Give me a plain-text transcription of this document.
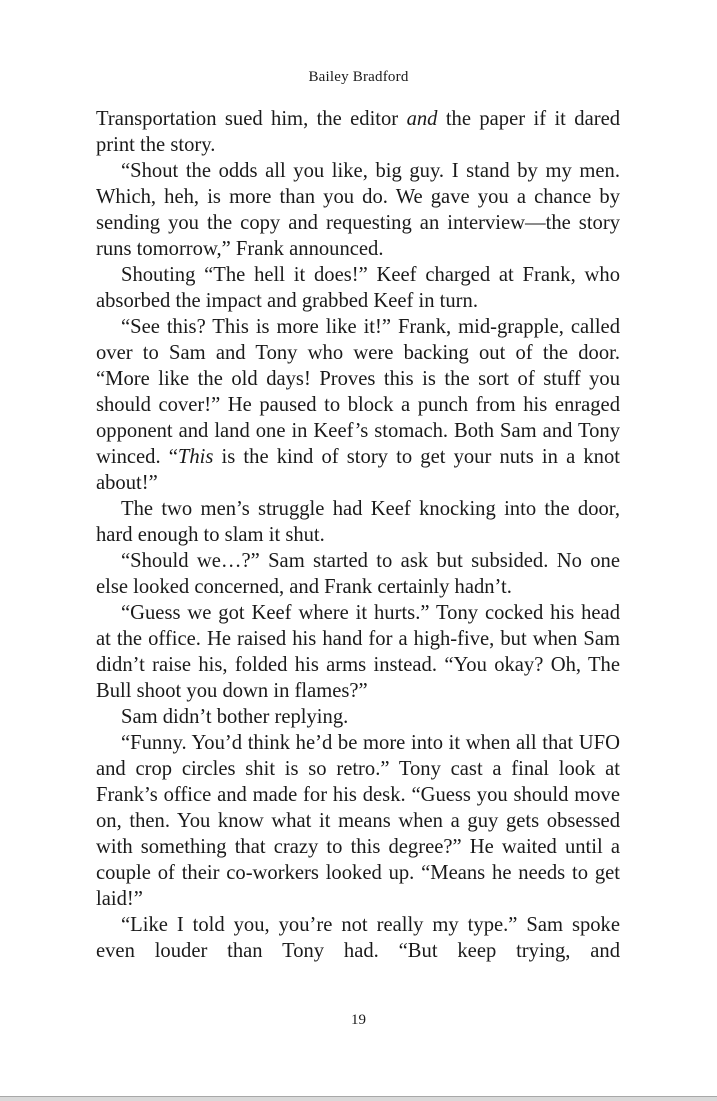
Bailey Bradford

Transportation sued him, the editor and the paper if it dared print the story.

“Shout the odds all you like, big guy. I stand by my men. Which, heh, is more than you do. We gave you a chance by sending you the copy and requesting an interview—the story runs tomorrow,” Frank announced.

Shouting “The hell it does!” Keef charged at Frank, who absorbed the impact and grabbed Keef in turn.

“See this? This is more like it!” Frank, mid-grapple, called over to Sam and Tony who were backing out of the door. “More like the old days! Proves this is the sort of stuff you should cover!” He paused to block a punch from his enraged opponent and land one in Keef’s stomach. Both Sam and Tony winced. “This is the kind of story to get your nuts in a knot about!”

The two men’s struggle had Keef knocking into the door, hard enough to slam it shut.

“Should we…?” Sam started to ask but subsided. No one else looked concerned, and Frank certainly hadn’t.

“Guess we got Keef where it hurts.” Tony cocked his head at the office. He raised his hand for a high-five, but when Sam didn’t raise his, folded his arms instead. “You okay? Oh, The Bull shoot you down in flames?”

Sam didn’t bother replying.

“Funny. You’d think he’d be more into it when all that UFO and crop circles shit is so retro.” Tony cast a final look at Frank’s office and made for his desk. “Guess you should move on, then. You know what it means when a guy gets obsessed with something that crazy to this degree?” He waited until a couple of their co-workers looked up. “Means he needs to get laid!”

“Like I told you, you’re not really my type.” Sam spoke even louder than Tony had. “But keep trying, and

19
